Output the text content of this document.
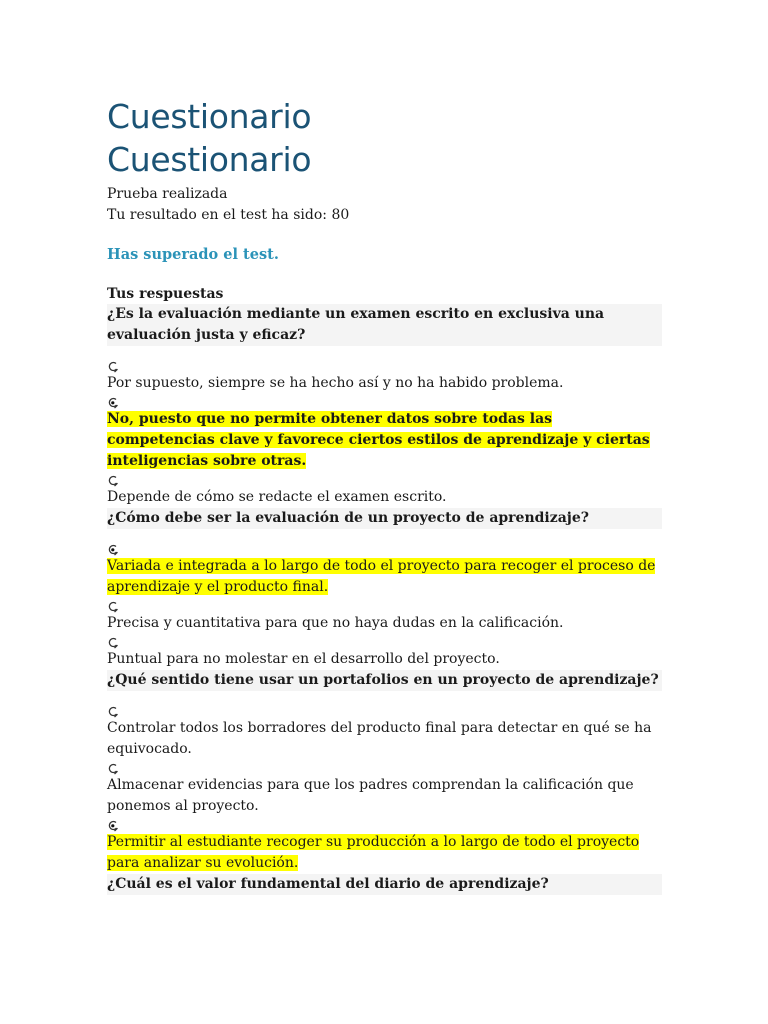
Cuestionario
Cuestionario

Prueba realizada

Tu resultado en el test ha sido: 80

Has superado el test.

Tus respuestas

¿Es la evaluación mediante un examen escrito en exclusiva una evaluación justa y eficaz?

Por supuesto, siempre se ha hecho así y no ha habido problema.

No, puesto que no permite obtener datos sobre todas las competencias clave y favorece ciertos estilos de aprendizaje y ciertas inteligencias sobre otras.

Depende de cómo se redacte el examen escrito.

¿Cómo debe ser la evaluación de un proyecto de aprendizaje?

Variada e integrada a lo largo de todo el proyecto para recoger el proceso de aprendizaje y el producto final.

Precisa y cuantitativa para que no haya dudas en la calificación.

Puntual para no molestar en el desarrollo del proyecto.

¿Qué sentido tiene usar un portafolios en un proyecto de aprendizaje?

Controlar todos los borradores del producto final para detectar en qué se ha equivocado.

Almacenar evidencias para que los padres comprendan la calificación que ponemos al proyecto.

Permitir al estudiante recoger su producción a lo largo de todo el proyecto para analizar su evolución.

¿Cuál es el valor fundamental del diario de aprendizaje?
